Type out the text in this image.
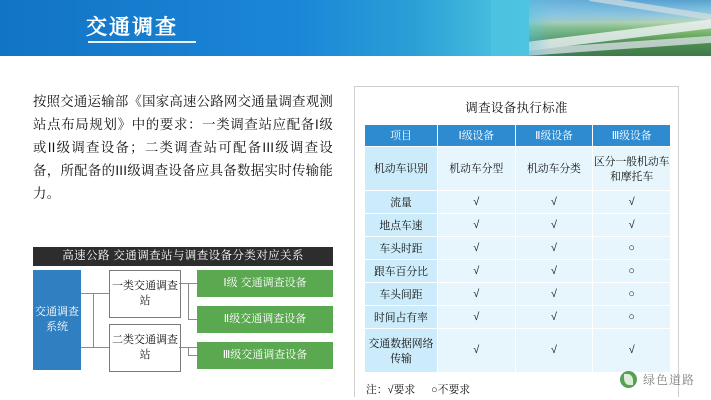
交通调查
按照交通运输部《国家高速公路网交通量调查观测站点布局规划》中的要求：一类调查站应配备I级或II级调查设备；二类调查站可配备III级调查设备，所配备的III级调查设备应具备数据实时传输能力。
高速公路 交通调查站与调查设备分类对应关系
交通调查系统
一类交通调查站
二类交通调查站
Ⅰ级 交通调查设备
Ⅱ级交通调查设备
Ⅲ级交通调查设备
调查设备执行标准
项目	Ⅰ级设备	Ⅱ级设备	Ⅲ级设备
机动车识别	机动车分型	机动车分类	区分一般机动车和摩托车
流量	√	√	√
地点车速	√	√	√
车头时距	√	√	○
跟车百分比	√	√	○
车头间距	√	√	○
时间占有率	√	√	○
交通数据网络传输	√	√	√
注：√要求 ○不要求
绿色道路
